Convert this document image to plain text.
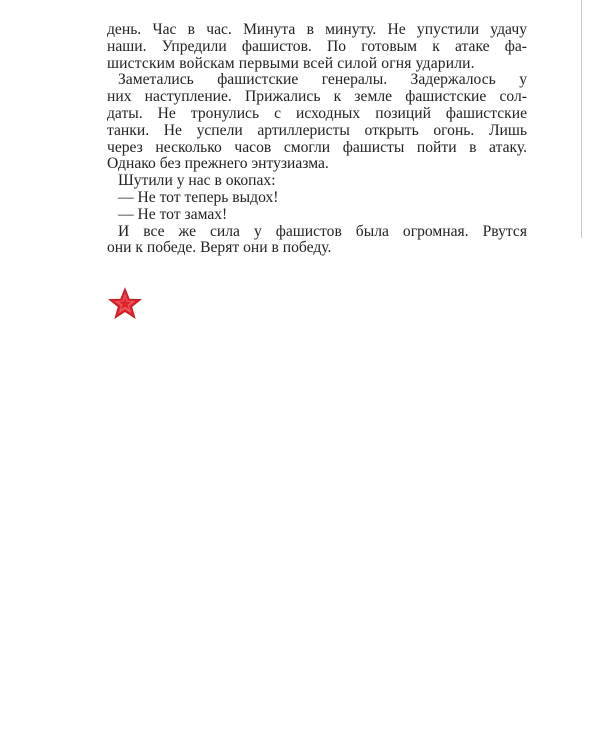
день. Час в час. Минута в минуту. Не упустили удачу
наши. Упредили фашистов. По готовым к атаке фа-
шистским войскам первыми всей силой огня ударили.
Заметались фашистские генералы. Задержалось у
них наступление. Прижались к земле фашистские сол-
даты. Не тронулись с исходных позиций фашистские
танки. Не успели артиллеристы открыть огонь. Лишь
через несколько часов смогли фашисты пойти в атаку.
Однако без прежнего энтузиазма.
Шутили у нас в окопах:
— Не тот теперь выдох!
— Не тот замах!
И все же сила у фашистов была огромная. Рвутся
они к победе. Верят они в победу.
